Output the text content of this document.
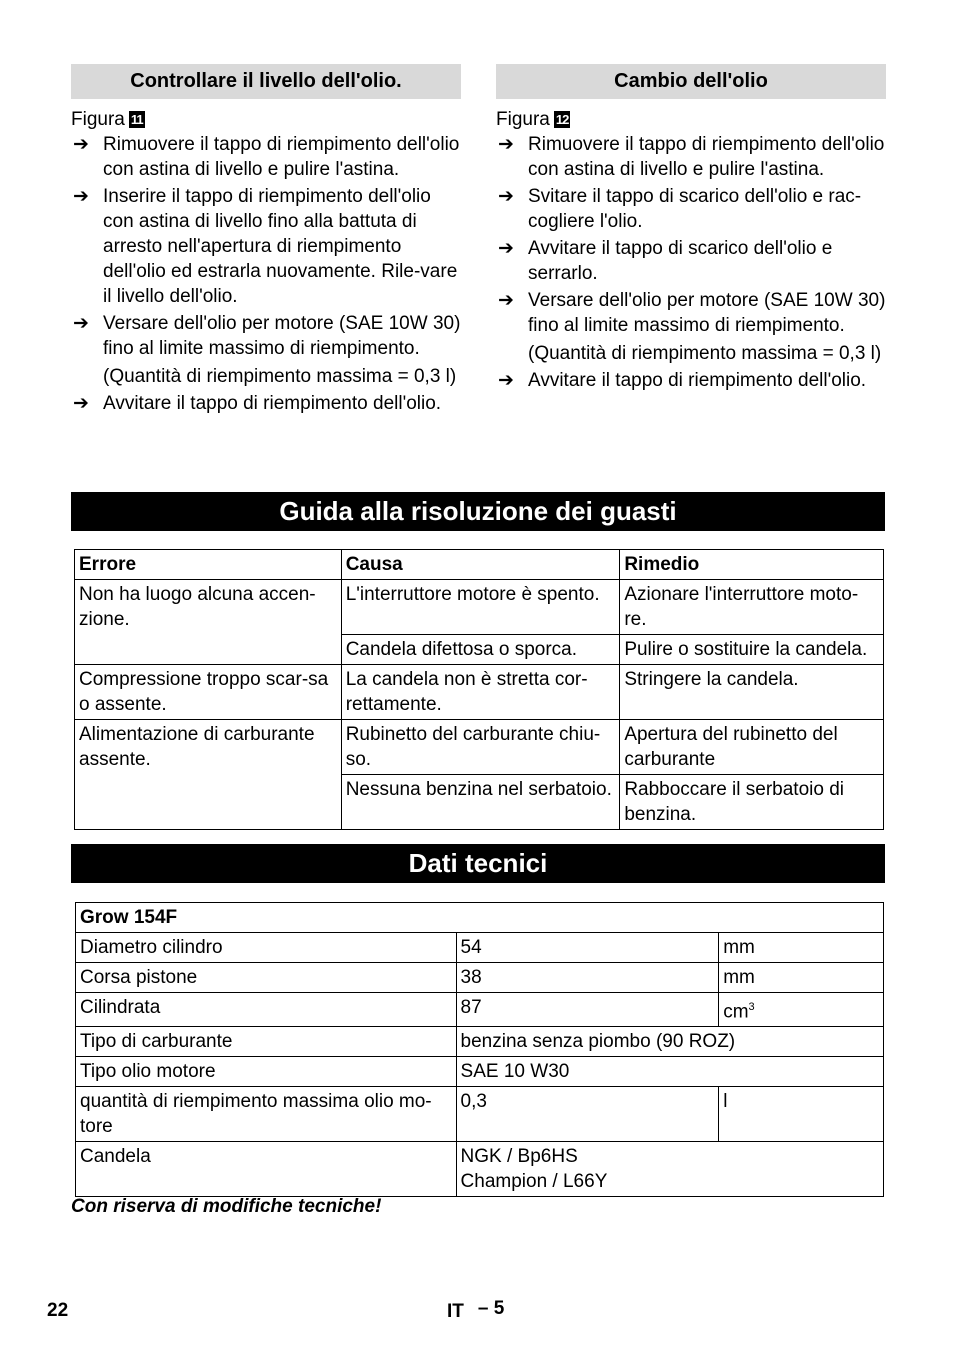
Controllare il livello dell'olio.
Figura 11
➔ Rimuovere il tappo di riempimento dell'olio con astina di livello e pulire l'astina.
➔ Inserire il tappo di riempimento dell'olio con astina di livello fino alla battuta di arresto nell'apertura di riempimento dell'olio ed estrarla nuovamente. Rile-vare il livello dell'olio.
➔ Versare dell'olio per motore (SAE 10W 30) fino al limite massimo di riempimento.
(Quantità di riempimento massima = 0,3 l)
➔ Avvitare il tappo di riempimento dell'olio.
Cambio dell'olio
Figura 12
➔ Rimuovere il tappo di riempimento dell'olio con astina di livello e pulire l'astina.
➔ Svitare il tappo di scarico dell'olio e rac-cogliere l'olio.
➔ Avvitare il tappo di scarico dell'olio e serrarlo.
➔ Versare dell'olio per motore (SAE 10W 30) fino al limite massimo di riempimento.
(Quantità di riempimento massima = 0,3 l)
➔ Avvitare il tappo di riempimento dell'olio.
Guida alla risoluzione dei guasti
Errore	Causa	Rimedio
Non ha luogo alcuna accen-zione.	L'interruttore motore è spento.	Azionare l'interruttore moto-re.
	Candela difettosa o sporca.	Pulire o sostituire la candela.
Compressione troppo scar-sa o assente.	La candela non è stretta cor-rettamente.	Stringere la candela.
Alimentazione di carburante assente.	Rubinetto del carburante chiu-so.	Apertura del rubinetto del carburante
	Nessuna benzina nel serbatoio.	Rabboccare il serbatoio di benzina.
Dati tecnici
Grow 154F		
Diametro cilindro	54	mm
Corsa pistone	38	mm
Cilindrata	87	$cm^3$
Tipo di carburante	benzina senza piombo (90 ROZ)	
Tipo olio motore	SAE 10 W30	
quantità di riempimento massima olio mo-tore	0,3	l
Candela	NGK / Bp6HS
Champion / L66Y	
Con riserva di modifiche tecniche!
22	IT – 5
